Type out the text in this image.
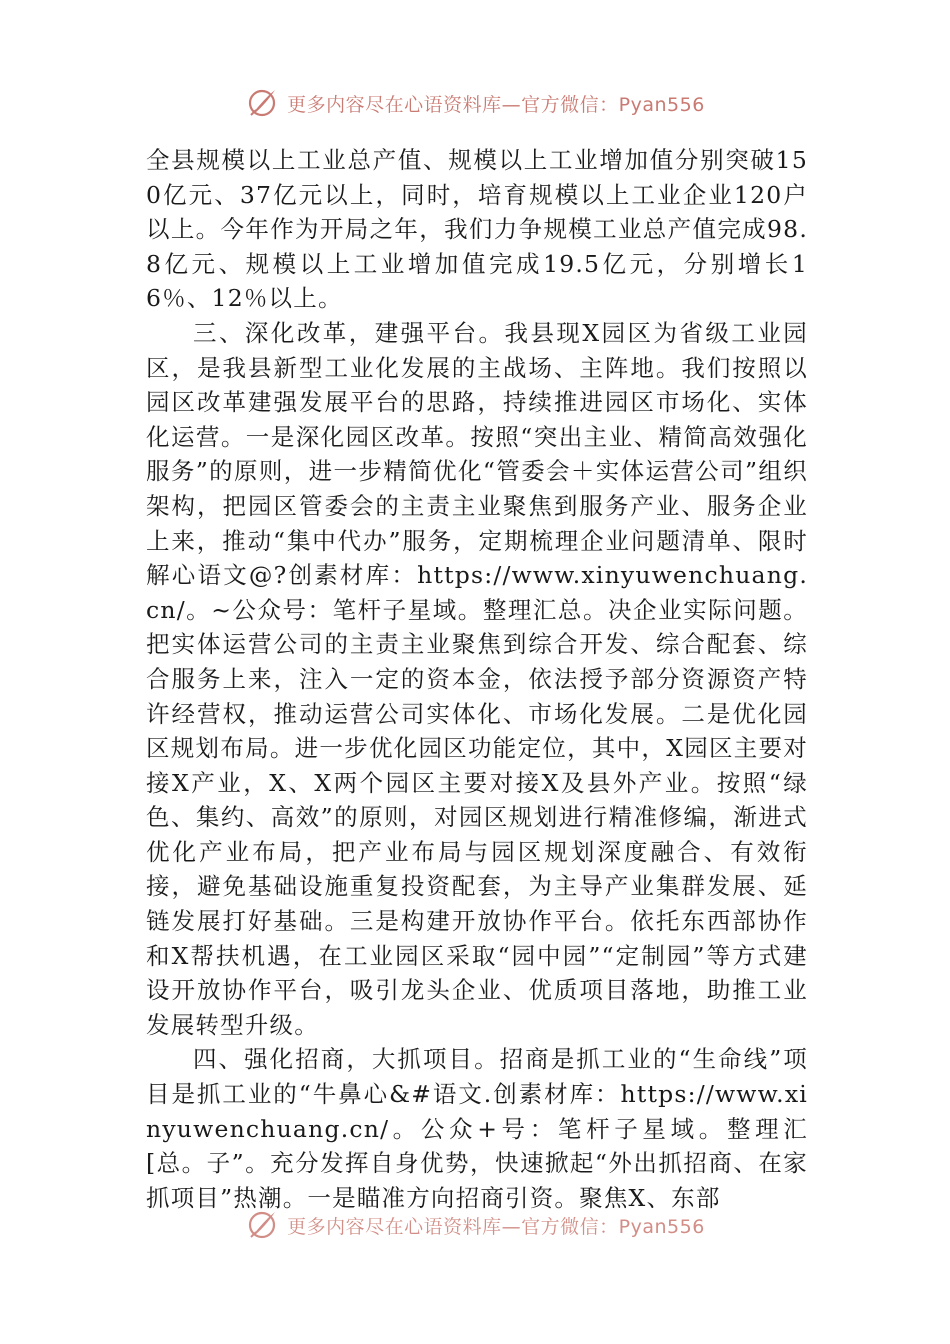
更多内容尽在心语资料库—官方微信：Pyan556

全县规模以上工业总产值、规模以上工业增加值分别突破150亿元、37亿元以上，同时，培育规模以上工业企业120户以上。今年作为开局之年，我们力争规模工业总产值完成98.8亿元、规模以上工业增加值完成19.5亿元，分别增长16％、12％以上。

三、深化改革，建强平台。我县现X园区为省级工业园区，是我县新型工业化发展的主战场、主阵地。我们按照以园区改革建强发展平台的思路，持续推进园区市场化、实体化运营。一是深化园区改革。按照“突出主业、精简高效强化服务”的原则，进一步精简优化“管委会＋实体运营公司”组织架构，把园区管委会的主责主业聚焦到服务产业、服务企业上来，推动“集中代办”服务，定期梳理企业问题清单、限时解心语文@?创素材库：https://www.xinyuwenchuang.cn/。~公众号：笔杆子星域。整理汇总。决企业实际问题。把实体运营公司的主责主业聚焦到综合开发、综合配套、综合服务上来，注入一定的资本金，依法授予部分资源资产特许经营权，推动运营公司实体化、市场化发展。二是优化园区规划布局。进一步优化园区功能定位，其中，X园区主要对接X产业，X、X两个园区主要对接X及县外产业。按照“绿色、集约、高效”的原则，对园区规划进行精准修编，渐进式优化产业布局，把产业布局与园区规划深度融合、有效衔接，避免基础设施重复投资配套，为主导产业集群发展、延链发展打好基础。三是构建开放协作平台。依托东西部协作和X帮扶机遇，在工业园区采取“园中园”“定制园”等方式建设开放协作平台，吸引龙头企业、优质项目落地，助推工业发展转型升级。

四、强化招商，大抓项目。招商是抓工业的“生命线”项目是抓工业的“牛鼻心&#语文.创素材库：https://www.xinyuwenchuang.cn/。公众+号：笔杆子星域。整理汇[总。子”。充分发挥自身优势，快速掀起“外出抓招商、在家抓项目”热潮。一是瞄准方向招商引资。聚焦X、东部

更多内容尽在心语资料库—官方微信：Pyan556
